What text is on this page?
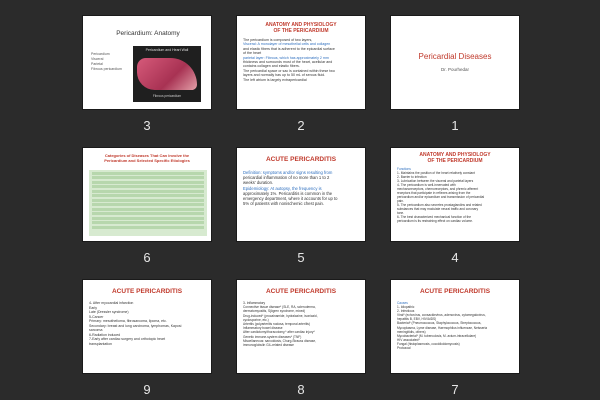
Pericardium: Anatomy
Pericardium
Visceral
Parietal
Fibrous pericardium
Pericardium and Heart Wall
Fibrous pericardium
3
ANATOMY AND PHYSIOLOGY
OF THE PERICARDIUM
The pericardium is composed of two layers,
Visceral: A monolayer of mesothelial cells and collagen
and elastic fibers that is adherent to the epicardial surface
of the heart
parietal layer: Fibrous, which has approximately 2 mm
thickness and surrounds most of the heart, acellular and
contains collagen and elastic fibers.
The pericardial space or sac is contained within these two
layers and normally has up to 50 mL of serous fluid.
The left atrium is largely extrapericardial
2
Pericardial Diseases
Dr. Pourhedar
1
Categories of Diseases That Can Involve the
Pericardium and Selected Specific Etiologies
6
ACUTE PERICARDITIS
Definition: symptoms and/or signs resulting from
pericardial inflammation of no more than 1 to 2
weeks' duration.
Epidemiology: At autopsy, the frequency is
approximately 1%. Pericarditis is common in the
emergency department, where it accounts for up to
5% of patients with nonischemic chest pain.
5
ANATOMY AND PHYSIOLOGY
OF THE PERICARDIUM
Functions
1- Maintains the position of the heart relatively constant
2- Barrier to infection
3- Lubrication between the visceral and parietal layers
4- The pericardium is well-innervated with
mechanoreceptors, chemoreceptors, and phrenic afferent
receptors that participate in reflexes arising from the
pericardium and/or epicardium and transmission of pericardial
pain.
5- The pericardium also secretes prostaglandins and related
substances that may modulate neural traffic and coronary
tone.
6- The best characterized mechanical function of the
pericardium is its restraining effect on cardiac volume.
4
ACUTE PERICARDITIS
4- After myocardial infarction
Early
Late (Dressler syndrome)
5-Cancer
Primary: mesothelioma, fibrosarcoma, lipoma, etc.
Secondary: breast and lung carcinoma, lymphomas, Kaposi
sarcoma
6-Radiation induced
7-Early after cardiac surgery and orthotopic heart
transplantation
9
ACUTE PERICARDITIS
3- Inflammatory
Connective tissue disease* (SLE, RA, scleroderma,
dermatomyositis, Sjögren syndrome, mixed)
Drug-induced* (procainamide, hydralazine, isoniazid,
cyclosporine, etc.)
Arteritis (polyarteritis nodosa, temporal arteritis)
Inflammatory bowel disease
After cardiotomy/thoracotomy,* after cardiac injury*
Genetic immune-system diseases* (TNF)
Miscellaneous: sarcoidosis, Churg-Strauss disease,
immunoglobulin G4–related disease
8
ACUTE PERICARDITIS
Causes
1- Idiopathic
2- Infectious
Viral* (echovirus, coxsackievirus, adenovirus, cytomegalovirus,
hepatitis B, EBV, HIV/AIDS)
Bacterial* (Pneumococcus, Staphylococcus, Streptococcus,
Mycoplasma, Lyme disease, Haemophilus influenzae, Neisseria
meningitidis, others)
Mycobacterial* (M. tuberculosis, M. avium-intracellulare)
HIV associated*
Fungal (histoplasmosis, coccidioidomycosis)
Protozoal
7
